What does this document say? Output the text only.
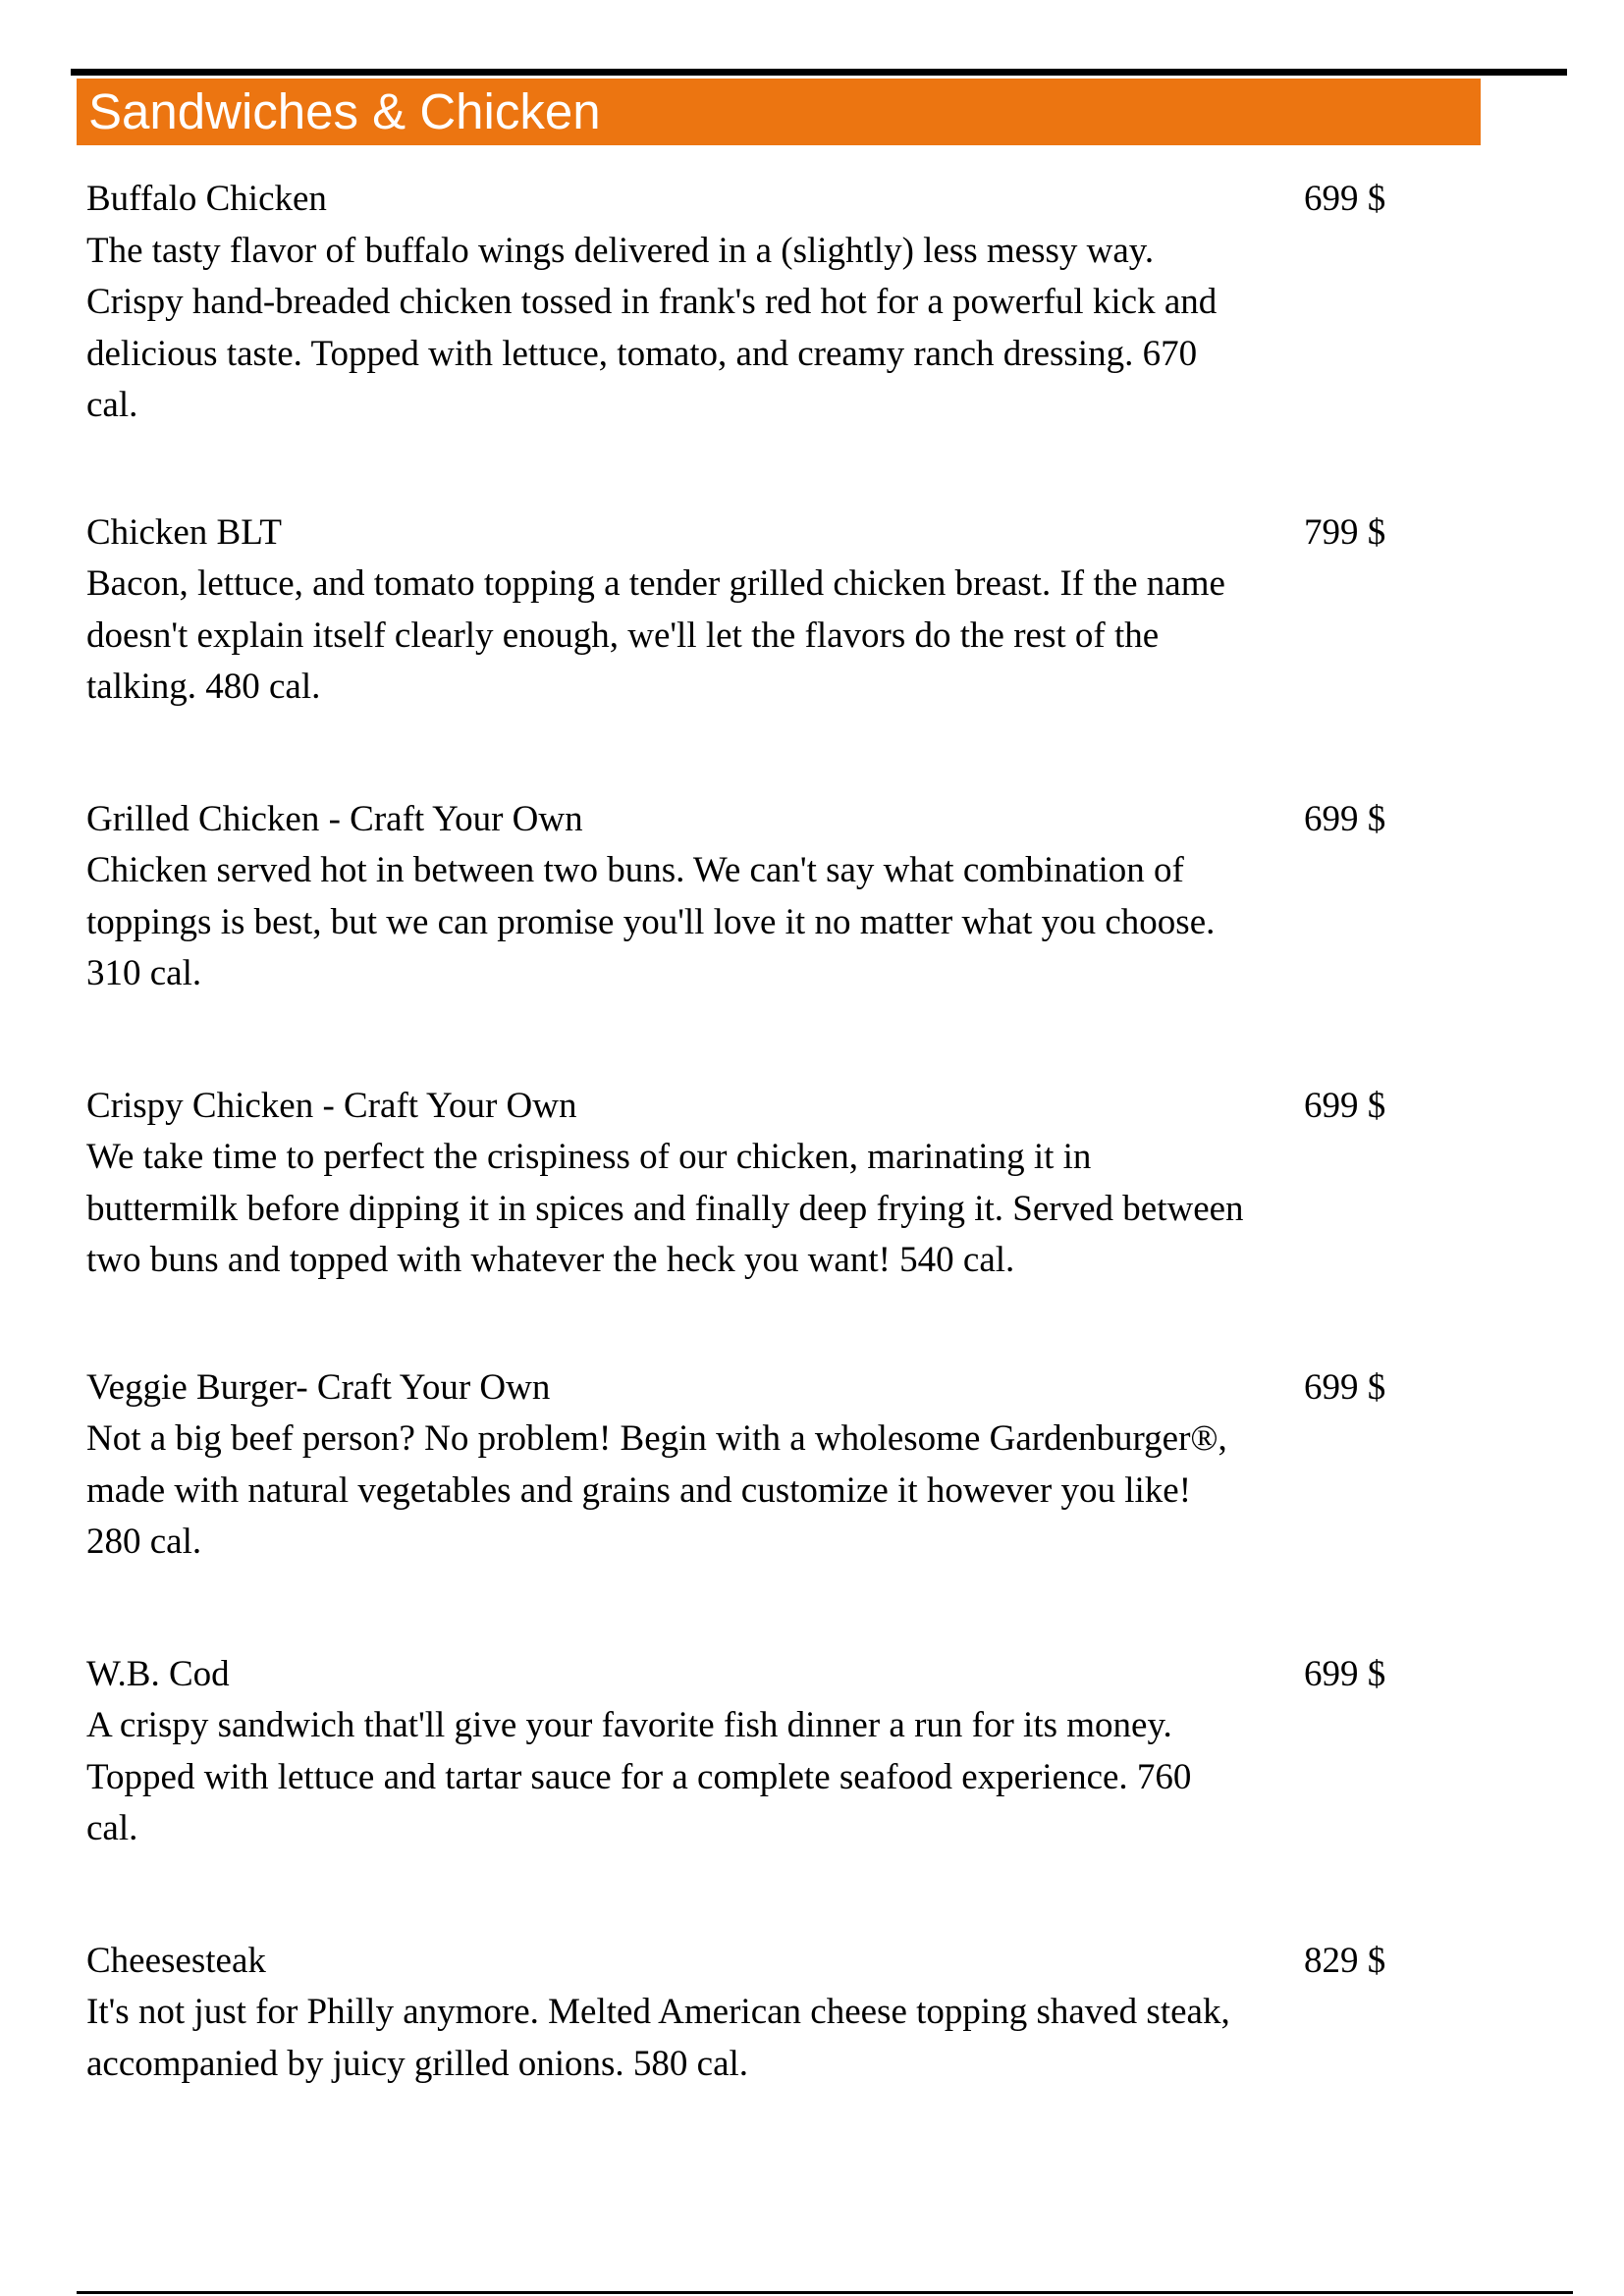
Sandwiches & Chicken
Buffalo Chicken
The tasty flavor of buffalo wings delivered in a (slightly) less messy way. Crispy hand-breaded chicken tossed in frank's red hot for a powerful kick and delicious taste. Topped with lettuce, tomato, and creamy ranch dressing. 670 cal.
699 $
Chicken BLT
Bacon, lettuce, and tomato topping a tender grilled chicken breast. If the name doesn't explain itself clearly enough, we'll let the flavors do the rest of the talking. 480 cal.
799 $
Grilled Chicken - Craft Your Own
Chicken served hot in between two buns. We can't say what combination of toppings is best, but we can promise you'll love it no matter what you choose. 310 cal.
699 $
Crispy Chicken - Craft Your Own
We take time to perfect the crispiness of our chicken, marinating it in buttermilk before dipping it in spices and finally deep frying it. Served between two buns and topped with whatever the heck you want! 540 cal.
699 $
Veggie Burger- Craft Your Own
Not a big beef person? No problem! Begin with a wholesome Gardenburger®, made with natural vegetables and grains and customize it however you like! 280 cal.
699 $
W.B. Cod
A crispy sandwich that'll give your favorite fish dinner a run for its money. Topped with lettuce and tartar sauce for a complete seafood experience. 760 cal.
699 $
Cheesesteak
It's not just for Philly anymore. Melted American cheese topping shaved steak, accompanied by juicy grilled onions. 580 cal.
829 $
